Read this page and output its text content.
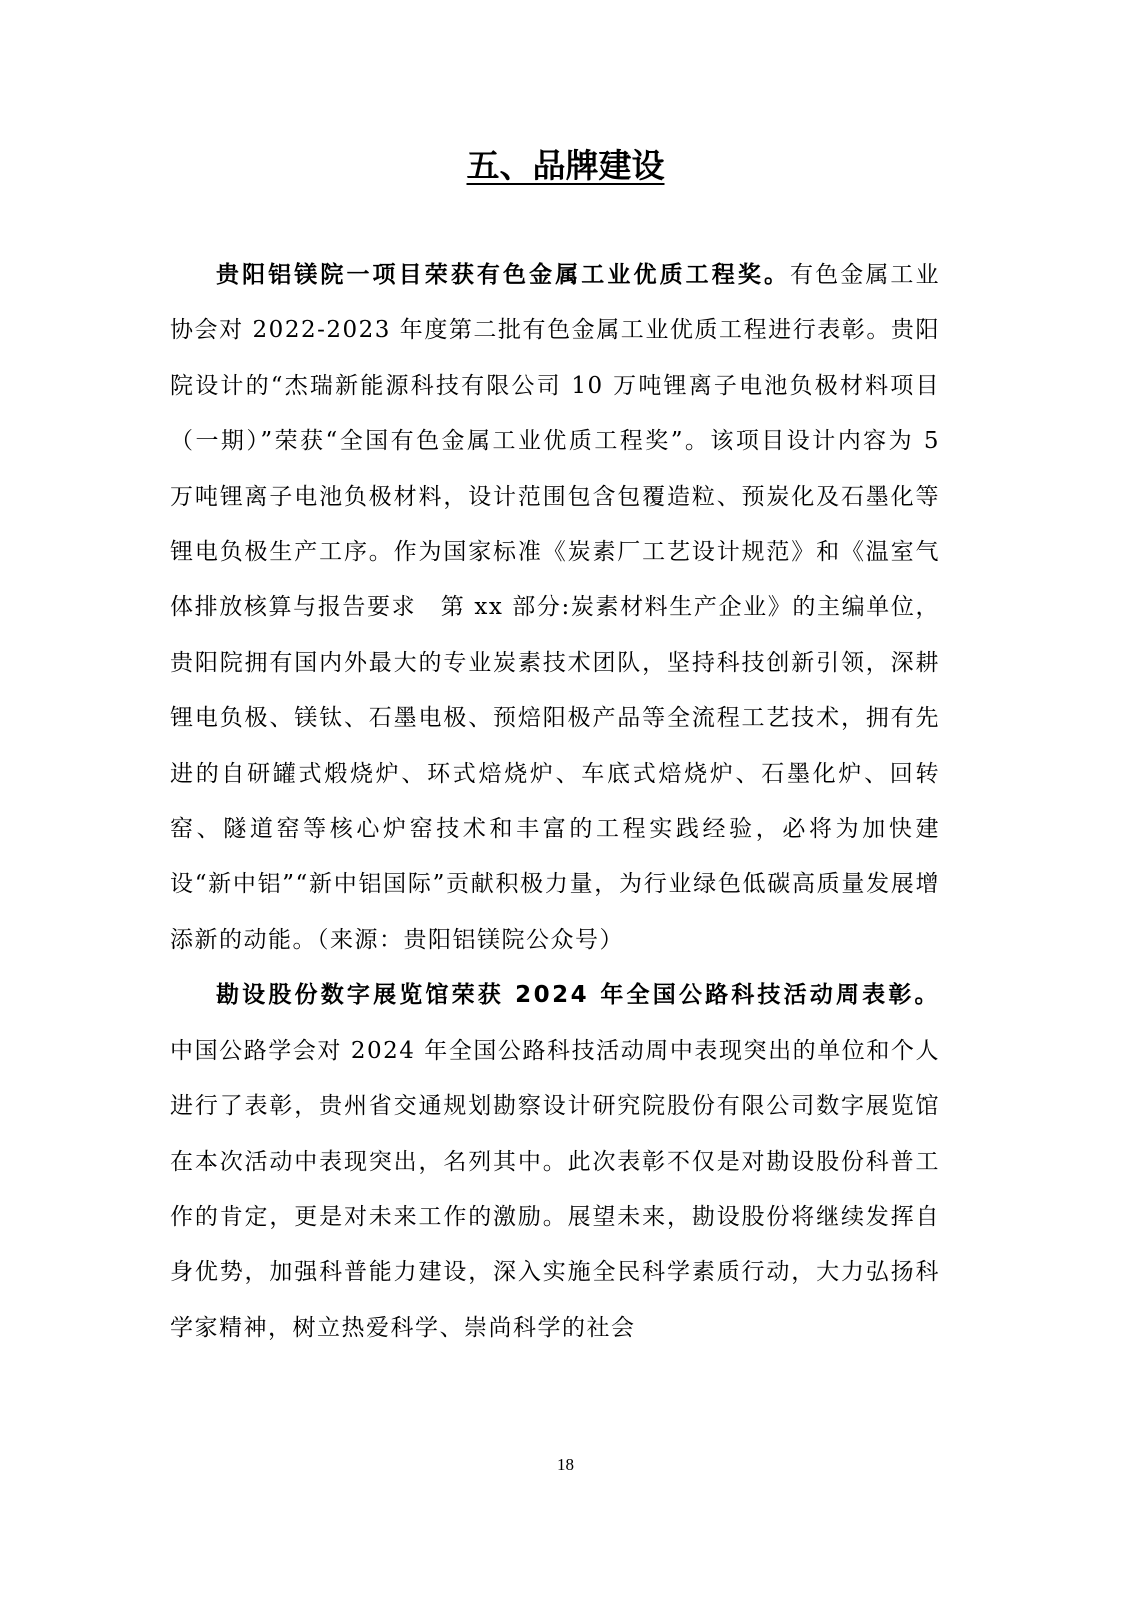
五、品牌建设

贵阳铝镁院一项目荣获有色金属工业优质工程奖。有色金属工业协会对 2022-2023 年度第二批有色金属工业优质工程进行表彰。贵阳院设计的“杰瑞新能源科技有限公司 10 万吨锂离子电池负极材料项目（一期）”荣获“全国有色金属工业优质工程奖”。该项目设计内容为 5 万吨锂离子电池负极材料，设计范围包含包覆造粒、预炭化及石墨化等锂电负极生产工序。作为国家标准《炭素厂工艺设计规范》和《温室气体排放核算与报告要求　第 xx 部分:炭素材料生产企业》的主编单位，贵阳院拥有国内外最大的专业炭素技术团队，坚持科技创新引领，深耕锂电负极、镁钛、石墨电极、预焙阳极产品等全流程工艺技术，拥有先进的自研罐式煅烧炉、环式焙烧炉、车底式焙烧炉、石墨化炉、回转窑、隧道窑等核心炉窑技术和丰富的工程实践经验，必将为加快建设“新中铝”“新中铝国际”贡献积极力量，为行业绿色低碳高质量发展增添新的动能。（来源：贵阳铝镁院公众号）

勘设股份数字展览馆荣获 2024 年全国公路科技活动周表彰。中国公路学会对 2024 年全国公路科技活动周中表现突出的单位和个人进行了表彰，贵州省交通规划勘察设计研究院股份有限公司数字展览馆在本次活动中表现突出，名列其中。此次表彰不仅是对勘设股份科普工作的肯定，更是对未来工作的激励。展望未来，勘设股份将继续发挥自身优势，加强科普能力建设，深入实施全民科学素质行动，大力弘扬科学家精神，树立热爱科学、崇尚科学的社会

18
